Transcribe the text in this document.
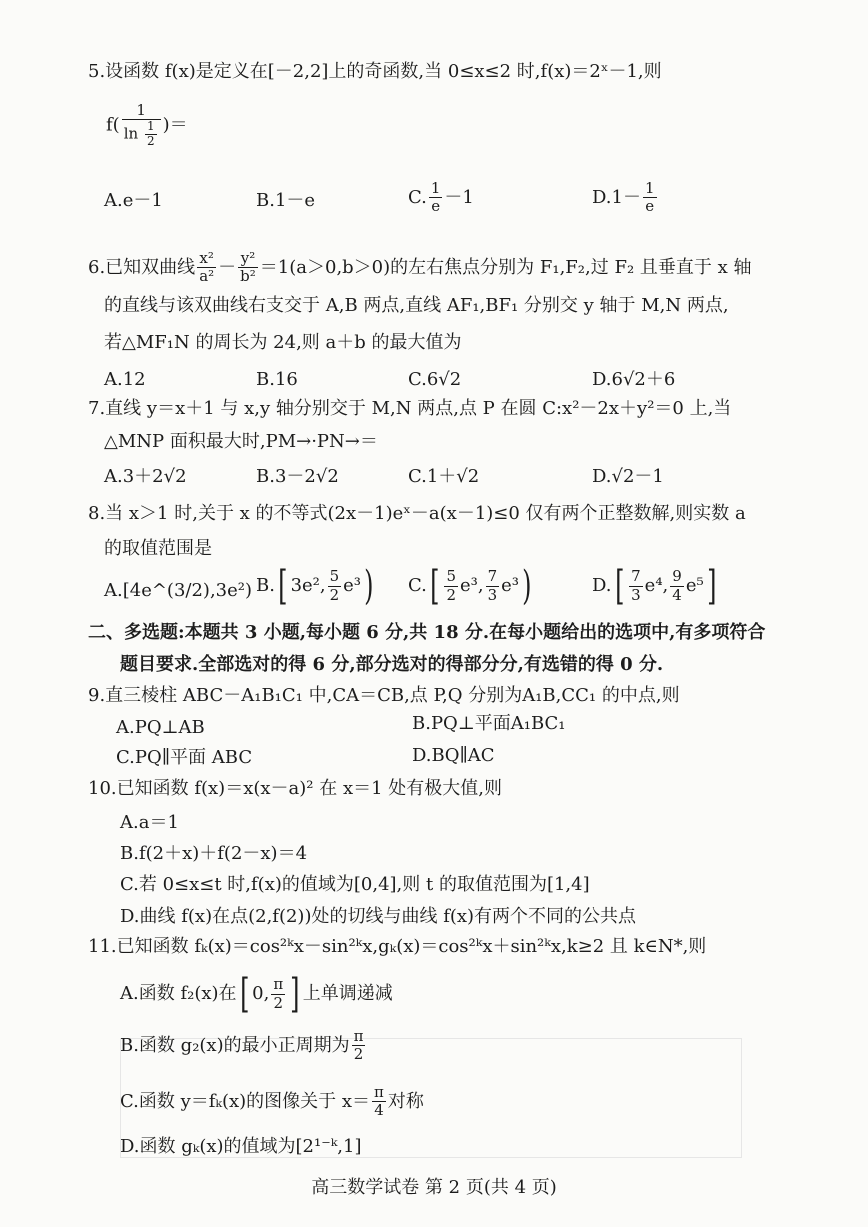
5.设函数 f(x)是定义在[－2,2]上的奇函数,当 0≤x≤2 时,f(x)＝2ˣ－1,则
$f( \frac{1}{\ln \frac{1}{2}}$ )＝
A.e－1	B.1－e	C. $\frac{1}{e} -1$	$D.1- \frac{1}{e}$
6.已知双曲线 $\frac{\text{x²}}{\text{a²}} - \frac{\text{y²}}{\text{b²}} =1(a>0,b>0)$的左右焦点分别为 F₁,F₂,过 F₂ 且垂直于 x 轴
的直线与该双曲线右支交于 A,B 两点,直线 AF₁,BF₁ 分别交 y 轴于 M,N 两点,
若△MF₁N 的周长为 24,则 a＋b 的最大值为
A.12	B.16	C.6√2	D.6√2＋6
7.直线 y＝x＋1 与 x,y 轴分别交于 M,N 两点,点 P 在圆 C:x²－2x＋y²＝0 上,当
△MNP 面积最大时,PM→·PN→＝
A.3＋2√2	B.3－2√2	C.1＋√2	D.√2－1
8.当 x＞1 时,关于 x 的不等式(2x－1)eˣ－a(x－1)≤0 仅有两个正整数解,则实数 a
的取值范围是
A.[4e^(3/2),3e²) B.[ 3e², $\frac{5}{2} e^3$) $C.[ \frac{5}{2} e^3$, $\frac{7}{3} e^3$)	$D.[ \frac{7}{3} e^4$, $\frac{9}{4} e^5$]
二、多选题:本题共 3 小题,每小题 6 分,共 18 分.在每小题给出的选项中,有多项符合
题目要求.全部选对的得 6 分,部分选对的得部分分,有选错的得 0 分.
9.直三棱柱 ABC－A₁B₁C₁ 中,CA＝CB,点 P,Q 分别为A₁B,CC₁ 的中点,则
A.PQ⊥AB	B.PQ⊥平面A₁BC₁
C.PQ∥平面 ABC	D.BQ∥AC
10.已知函数 f(x)＝x(x－a)² 在 x＝1 处有极大值,则
A.a＝1
B.f(2＋x)＋f(2－x)＝4
C.若 0≤x≤t 时,f(x)的值域为[0,4],则 t 的取值范围为[1,4]
D.曲线 f(x)在点(2,f(2))处的切线与曲线 f(x)有两个不同的公共点
11.已知函数 fₖ(x)＝cos²ᵏx－sin²ᵏx,gₖ(x)＝cos²ᵏx＋sin²ᵏx,k≥2 且 k∈N*,则
A.函数 f₂(x)在[ 0, $\frac{\pi}{2}$ ] 上单调递减
B.函数 g₂(x)的最小正周期为 $\frac{\pi}{2}$
C.函数 y＝fₖ(x)的图像关于 $x= \frac{\pi}{4}$ 对称
D.函数 gₖ(x)的值域为[2¹⁻ᵏ,1]
高三数学试卷 第 2 页(共 4 页)
